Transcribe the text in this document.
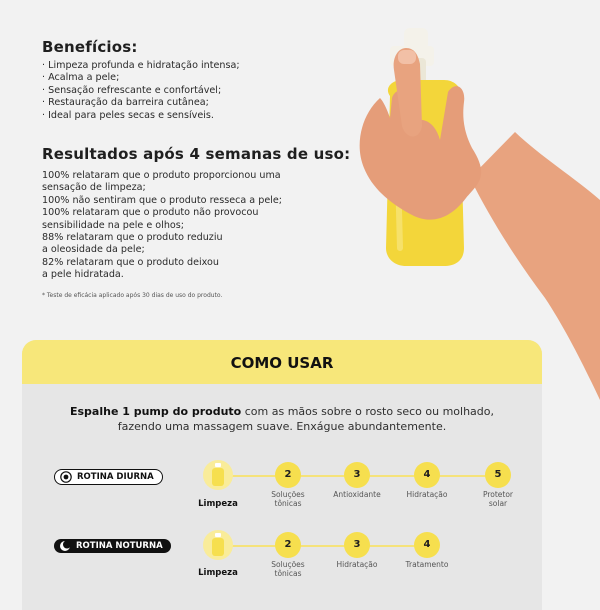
Benefícios:
· Limpeza profunda e hidratação intensa;
· Acalma a pele;
· Sensação refrescante e confortável;
· Restauração da barreira cutânea;
· Ideal para peles secas e sensíveis.
Resultados após 4 semanas de uso:

100% relataram que o produto proporcionou uma

sensação de limpeza;

100% não sentiram que o produto resseca a pele;

100% relataram que o produto não provocou

sensibilidade na pele e olhos;

88% relataram que o produto reduziu

a oleosidade da pele;

82% relataram que o produto deixou

a pele hidratada.

* Teste de eficácia aplicado após 30 dias de uso do produto.
COMO USAR
Espalhe 1 pump do produto com as mãos sobre o rosto seco ou molhado, fazendo uma massagem suave. Enxágue abundantemente.
ROTINA DIURNA
Limpeza
2
Soluções tônicas
3
Antioxidante
4
Hidratação
5
Protetor solar
ROTINA NOTURNA
Limpeza
2
Soluções tônicas
3
Hidratação
4
Tratamento
